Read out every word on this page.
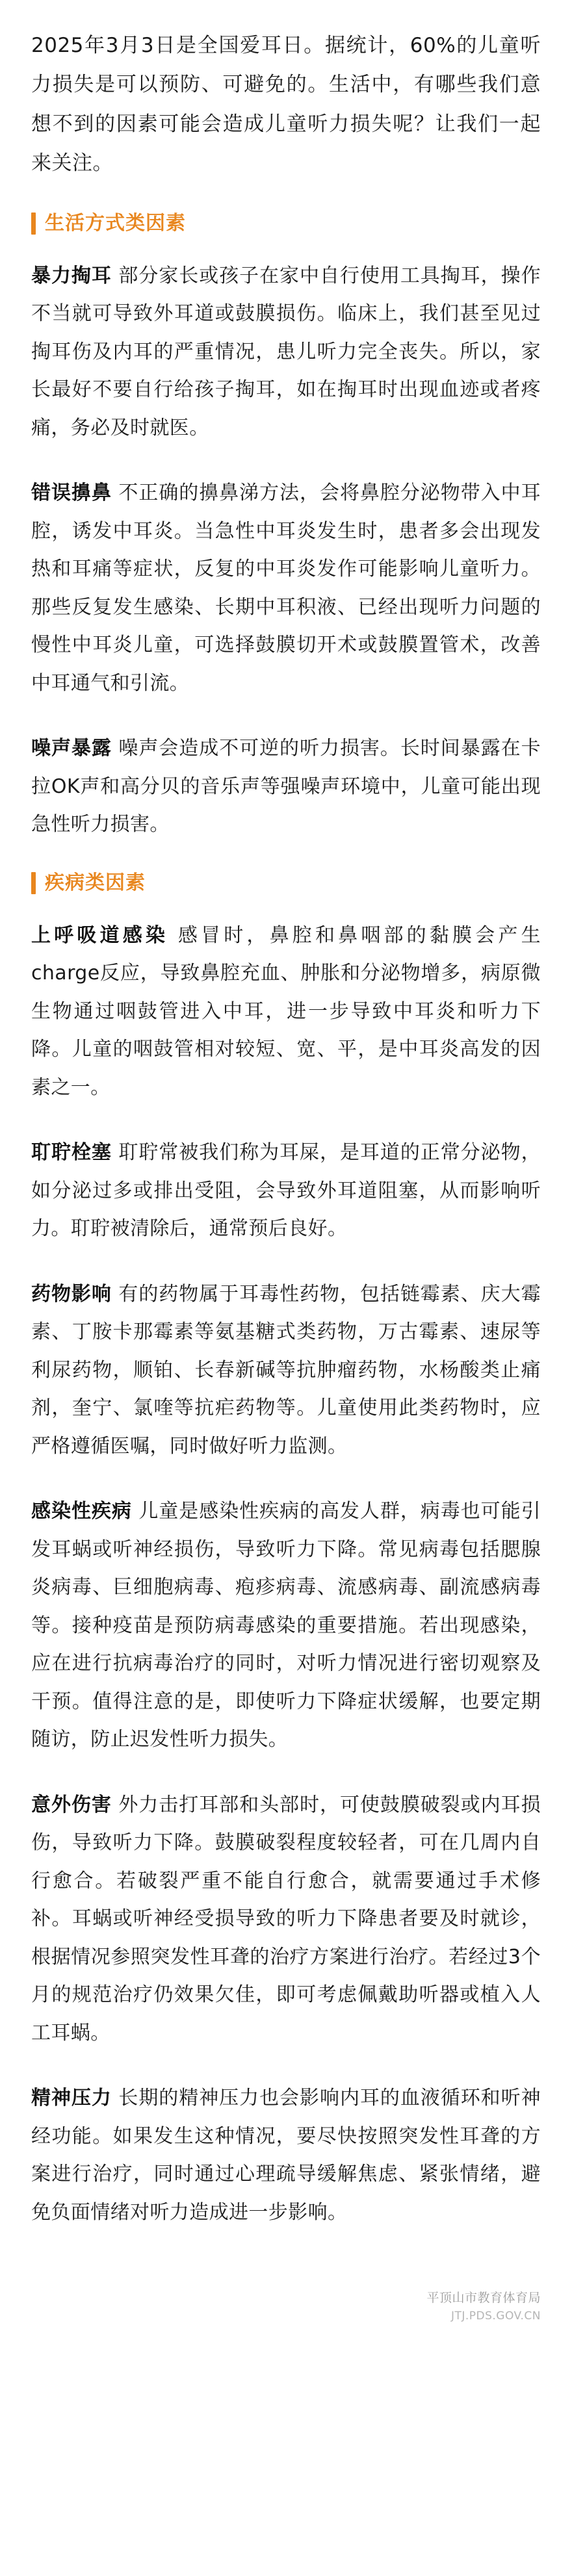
2025年3月3日是全国爱耳日。据统计，60%的儿童听力损失是可以预防、可避免的。生活中，有哪些我们意想不到的因素可能会造成儿童听力损失呢？让我们一起来关注。

生活方式类因素

暴力掏耳 部分家长或孩子在家中自行使用工具掏耳，操作不当就可导致外耳道或鼓膜损伤。临床上，我们甚至见过掏耳伤及内耳的严重情况，患儿听力完全丧失。所以，家长最好不要自行给孩子掏耳，如在掏耳时出现血迹或者疼痛，务必及时就医。

错误擤鼻 不正确的擤鼻涕方法，会将鼻腔分泌物带入中耳腔，诱发中耳炎。当急性中耳炎发生时，患者多会出现发热和耳痛等症状，反复的中耳炎发作可能影响儿童听力。那些反复发生感染、长期中耳积液、已经出现听力问题的慢性中耳炎儿童，可选择鼓膜切开术或鼓膜置管术，改善中耳通气和引流。

噪声暴露 噪声会造成不可逆的听力损害。长时间暴露在卡拉OK声和高分贝的音乐声等强噪声环境中，儿童可能出现急性听力损害。

疾病类因素

上呼吸道感染 感冒时，鼻腔和鼻咽部的黏膜会产生charge反应，导致鼻腔充血、肿胀和分泌物增多，病原微生物通过咽鼓管进入中耳，进一步导致中耳炎和听力下降。儿童的咽鼓管相对较短、宽、平，是中耳炎高发的因素之一。

耵聍栓塞 耵聍常被我们称为耳屎，是耳道的正常分泌物，如分泌过多或排出受阻，会导致外耳道阻塞，从而影响听力。耵聍被清除后，通常预后良好。

药物影响 有的药物属于耳毒性药物，包括链霉素、庆大霉素、丁胺卡那霉素等氨基糖式类药物，万古霉素、速尿等利尿药物，顺铂、长春新碱等抗肿瘤药物，水杨酸类止痛剂，奎宁、氯喹等抗疟药物等。儿童使用此类药物时，应严格遵循医嘱，同时做好听力监测。

感染性疾病 儿童是感染性疾病的高发人群，病毒也可能引发耳蜗或听神经损伤，导致听力下降。常见病毒包括腮腺炎病毒、巨细胞病毒、疱疹病毒、流感病毒、副流感病毒等。接种疫苗是预防病毒感染的重要措施。若出现感染，应在进行抗病毒治疗的同时，对听力情况进行密切观察及干预。值得注意的是，即使听力下降症状缓解，也要定期随访，防止迟发性听力损失。

意外伤害 外力击打耳部和头部时，可使鼓膜破裂或内耳损伤，导致听力下降。鼓膜破裂程度较轻者，可在几周内自行愈合。若破裂严重不能自行愈合，就需要通过手术修补。耳蜗或听神经受损导致的听力下降患者要及时就诊，根据情况参照突发性耳聋的治疗方案进行治疗。若经过3个月的规范治疗仍效果欠佳，即可考虑佩戴助听器或植入人工耳蜗。

精神压力 长期的精神压力也会影响内耳的血液循环和听神经功能。如果发生这种情况，要尽快按照突发性耳聋的方案进行治疗，同时通过心理疏导缓解焦虑、紧张情绪，避免负面情绪对听力造成进一步影响。

平顶山市教育体育局
JTJ.PDS.GOV.CN
